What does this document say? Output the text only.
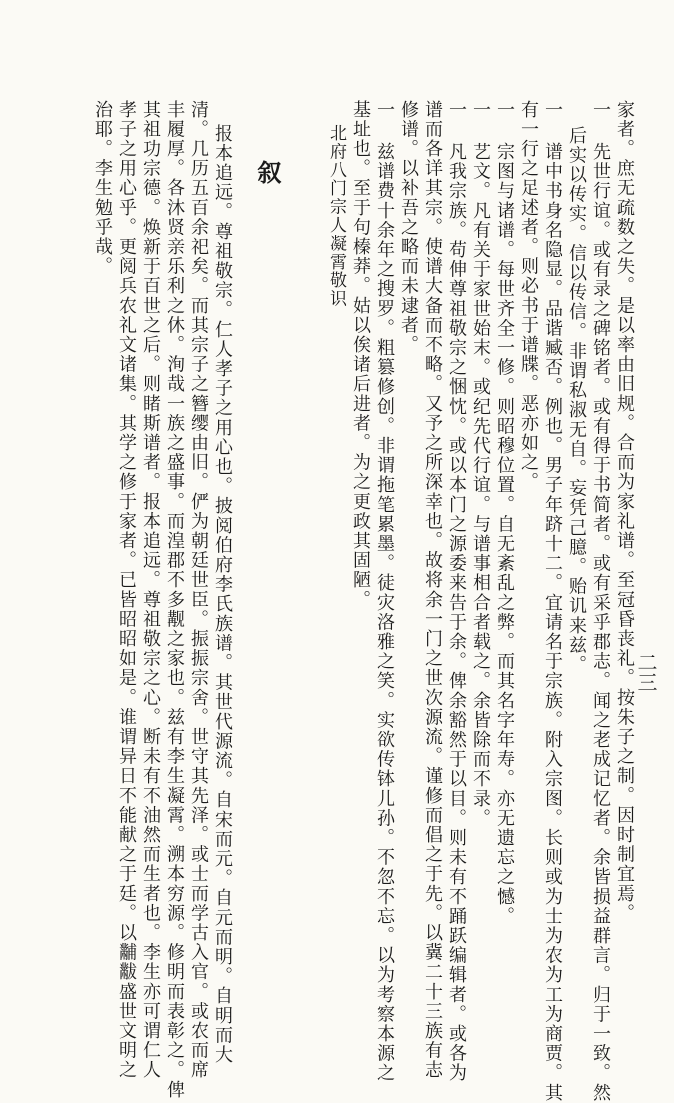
二三
家者。庶无疏数之失。是以率由旧规。合而为家礼谱。至冠昏丧礼。按朱子之制。因时制宜焉。
一 先世行谊。或有录之碑铭者。或有得于书简者。或有采乎郡志。闻之老成记忆者。余皆损益群言。归于一致。然
后实以传实。信以传信。非谓私淑无自。妄凭己臆。贻讥来兹。
一 谱中书身名隐显。品谐臧否。例也。男子年跻十二。宜请名于宗族。附入宗图。长则或为士为农为工为商贾。其
有一行之足述者。则必书于谱牒。恶亦如之。
一 宗图与诸谱。每世齐全一修。则昭穆位置。自无紊乱之弊。而其名字年寿。亦无遗忘之憾。
一 艺文。凡有关于家世始末。或纪先代行谊。与谱事相合者载之。余皆除而不录。
一 凡我宗族。苟伸尊祖敬宗之悃忱。或以本门之源委来告于余。俾余豁然于以目。则未有不踊跃编辑者。或各为
谱而各详其宗。使谱大备而不略。又予之所深幸也。故将余一门之世次源流。谨修而倡之于先。以冀二十三族有志
修谱。以补吾之略而未逮者。
一 兹谱费十余年之搜罗。粗篡修创。非谓拖笔累墨。徒灾洛雅之笑。实欲传钵儿孙。不忽不忘。以为考察本源之
基址也。至于句榛莽。姑以俟诸后进者。为之更政其固陋。
北府八门宗人凝霄敬识
叙
报本追远。尊祖敬宗。仁人孝子之用心也。披阅伯府李氏族谱。其世代源流。自宋而元。自元而明。自明而大
清。几历五百余祀矣。而其宗子之簪缨由旧。俨为朝廷世臣。振振宗舍。世守其先泽。或士而学古入官。或农而席
丰履厚。各沐贤亲乐利之休。洵哉一族之盛事。而湟郡不多觏之家也。兹有李生凝霄。溯本穷源。修明而表彰之。俾
其祖功宗德。焕新于百世之后。则睹斯谱者。报本追远。尊祖敬宗之心。断未有不油然而生者也。李生亦可谓仁人
孝子之用心乎。更阅兵农礼文诸集。其学之修于家者。已皆昭昭如是。谁谓异日不能献之于廷。以黼黻盛世文明之
治耶。李生勉乎哉。
